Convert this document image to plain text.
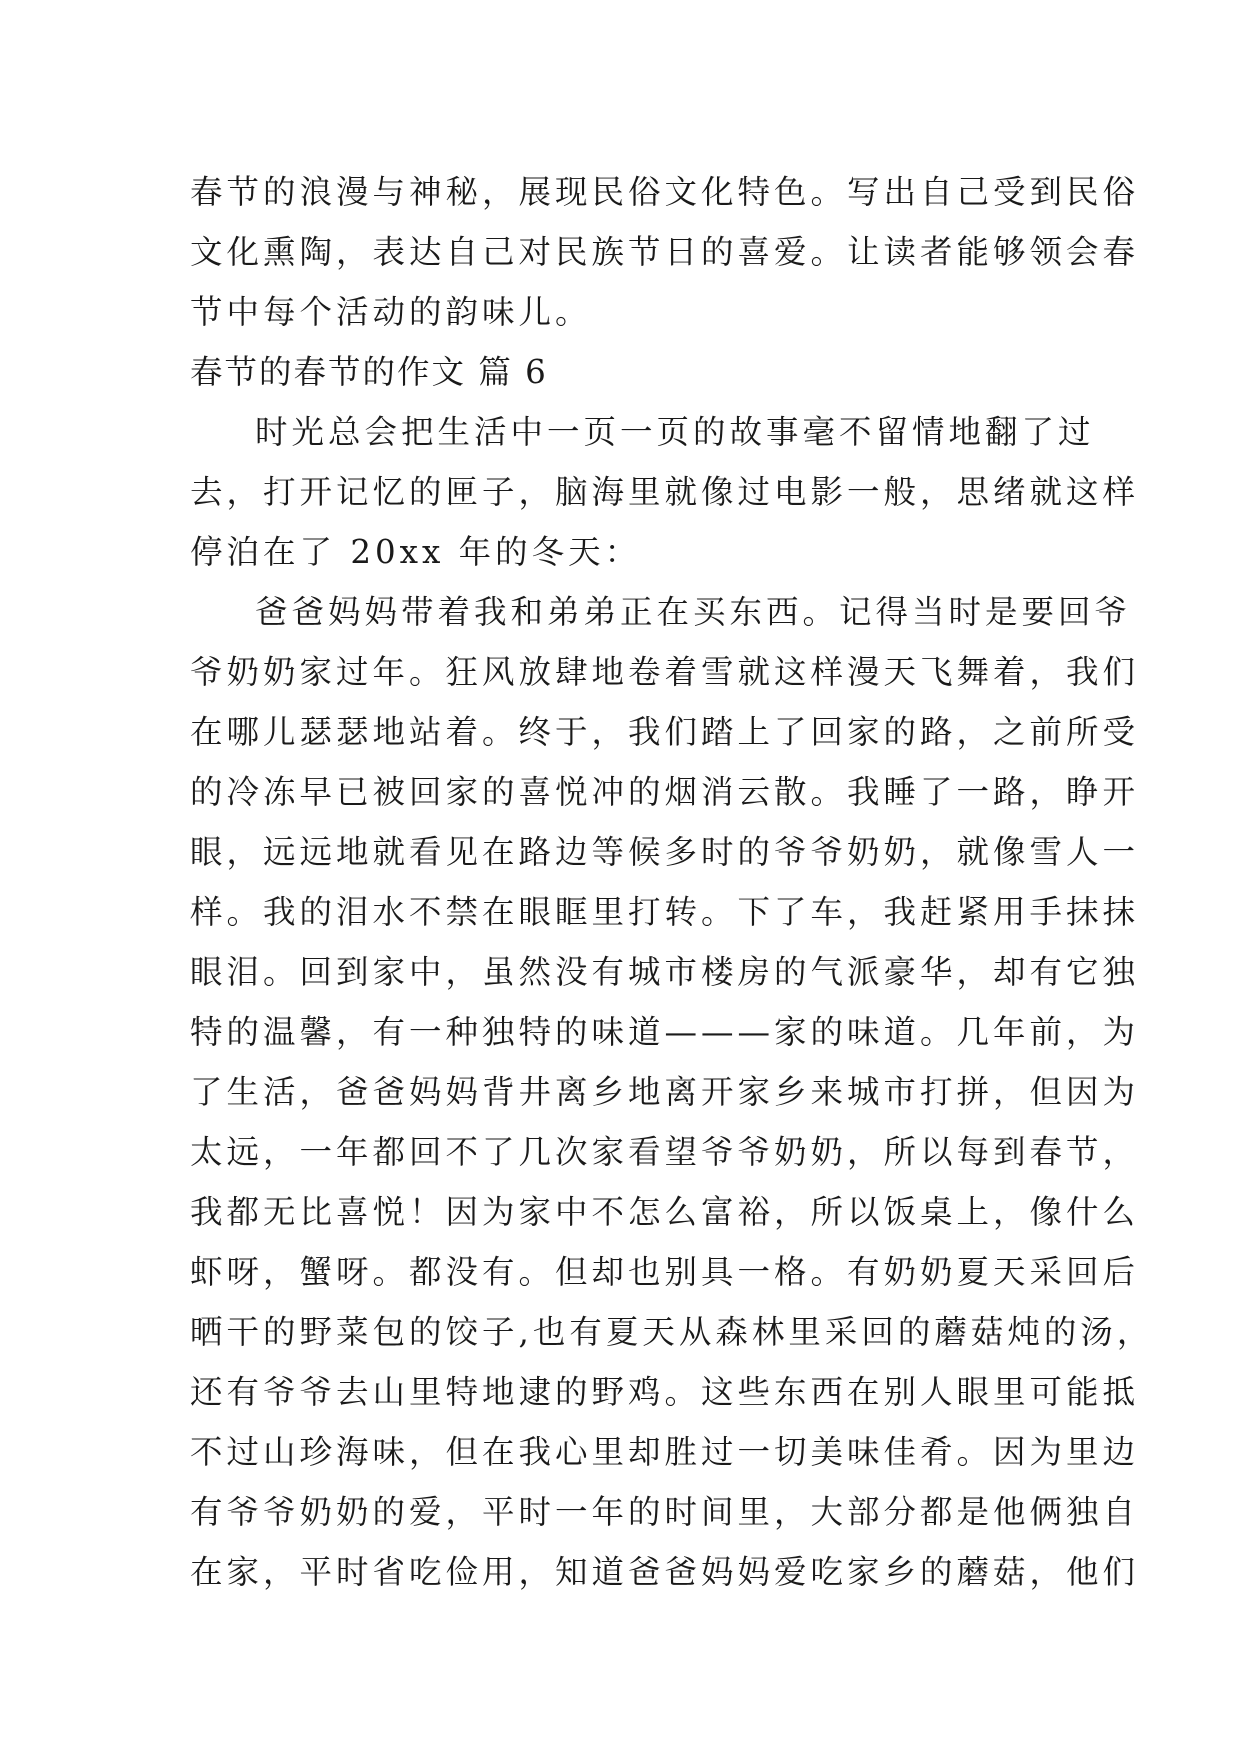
春节的浪漫与神秘，展现民俗文化特色。写出自己受到民俗
文化熏陶，表达自己对民族节日的喜爱。让读者能够领会春
节中每个活动的韵味儿。
春节的春节的作文 篇 6
时光总会把生活中一页一页的故事毫不留情地翻了过
去，打开记忆的匣子，脑海里就像过电影一般，思绪就这样
停泊在了 20xx 年的冬天：
爸爸妈妈带着我和弟弟正在买东西。记得当时是要回爷
爷奶奶家过年。狂风放肆地卷着雪就这样漫天飞舞着，我们
在哪儿瑟瑟地站着。终于，我们踏上了回家的路，之前所受
的冷冻早已被回家的喜悦冲的烟消云散。我睡了一路，睁开
眼，远远地就看见在路边等候多时的爷爷奶奶，就像雪人一
样。我的泪水不禁在眼眶里打转。下了车，我赶紧用手抹抹
眼泪。回到家中，虽然没有城市楼房的气派豪华，却有它独
特的温馨，有一种独特的味道———家的味道。几年前，为
了生活，爸爸妈妈背井离乡地离开家乡来城市打拼，但因为
太远，一年都回不了几次家看望爷爷奶奶，所以每到春节，
我都无比喜悦！因为家中不怎么富裕，所以饭桌上，像什么
虾呀，蟹呀。都没有。但却也别具一格。有奶奶夏天采回后
晒干的野菜包的饺子,也有夏天从森林里采回的蘑菇炖的汤，
还有爷爷去山里特地逮的野鸡。这些东西在别人眼里可能抵
不过山珍海味，但在我心里却胜过一切美味佳肴。因为里边
有爷爷奶奶的爱，平时一年的时间里，大部分都是他俩独自
在家，平时省吃俭用，知道爸爸妈妈爱吃家乡的蘑菇，他们
